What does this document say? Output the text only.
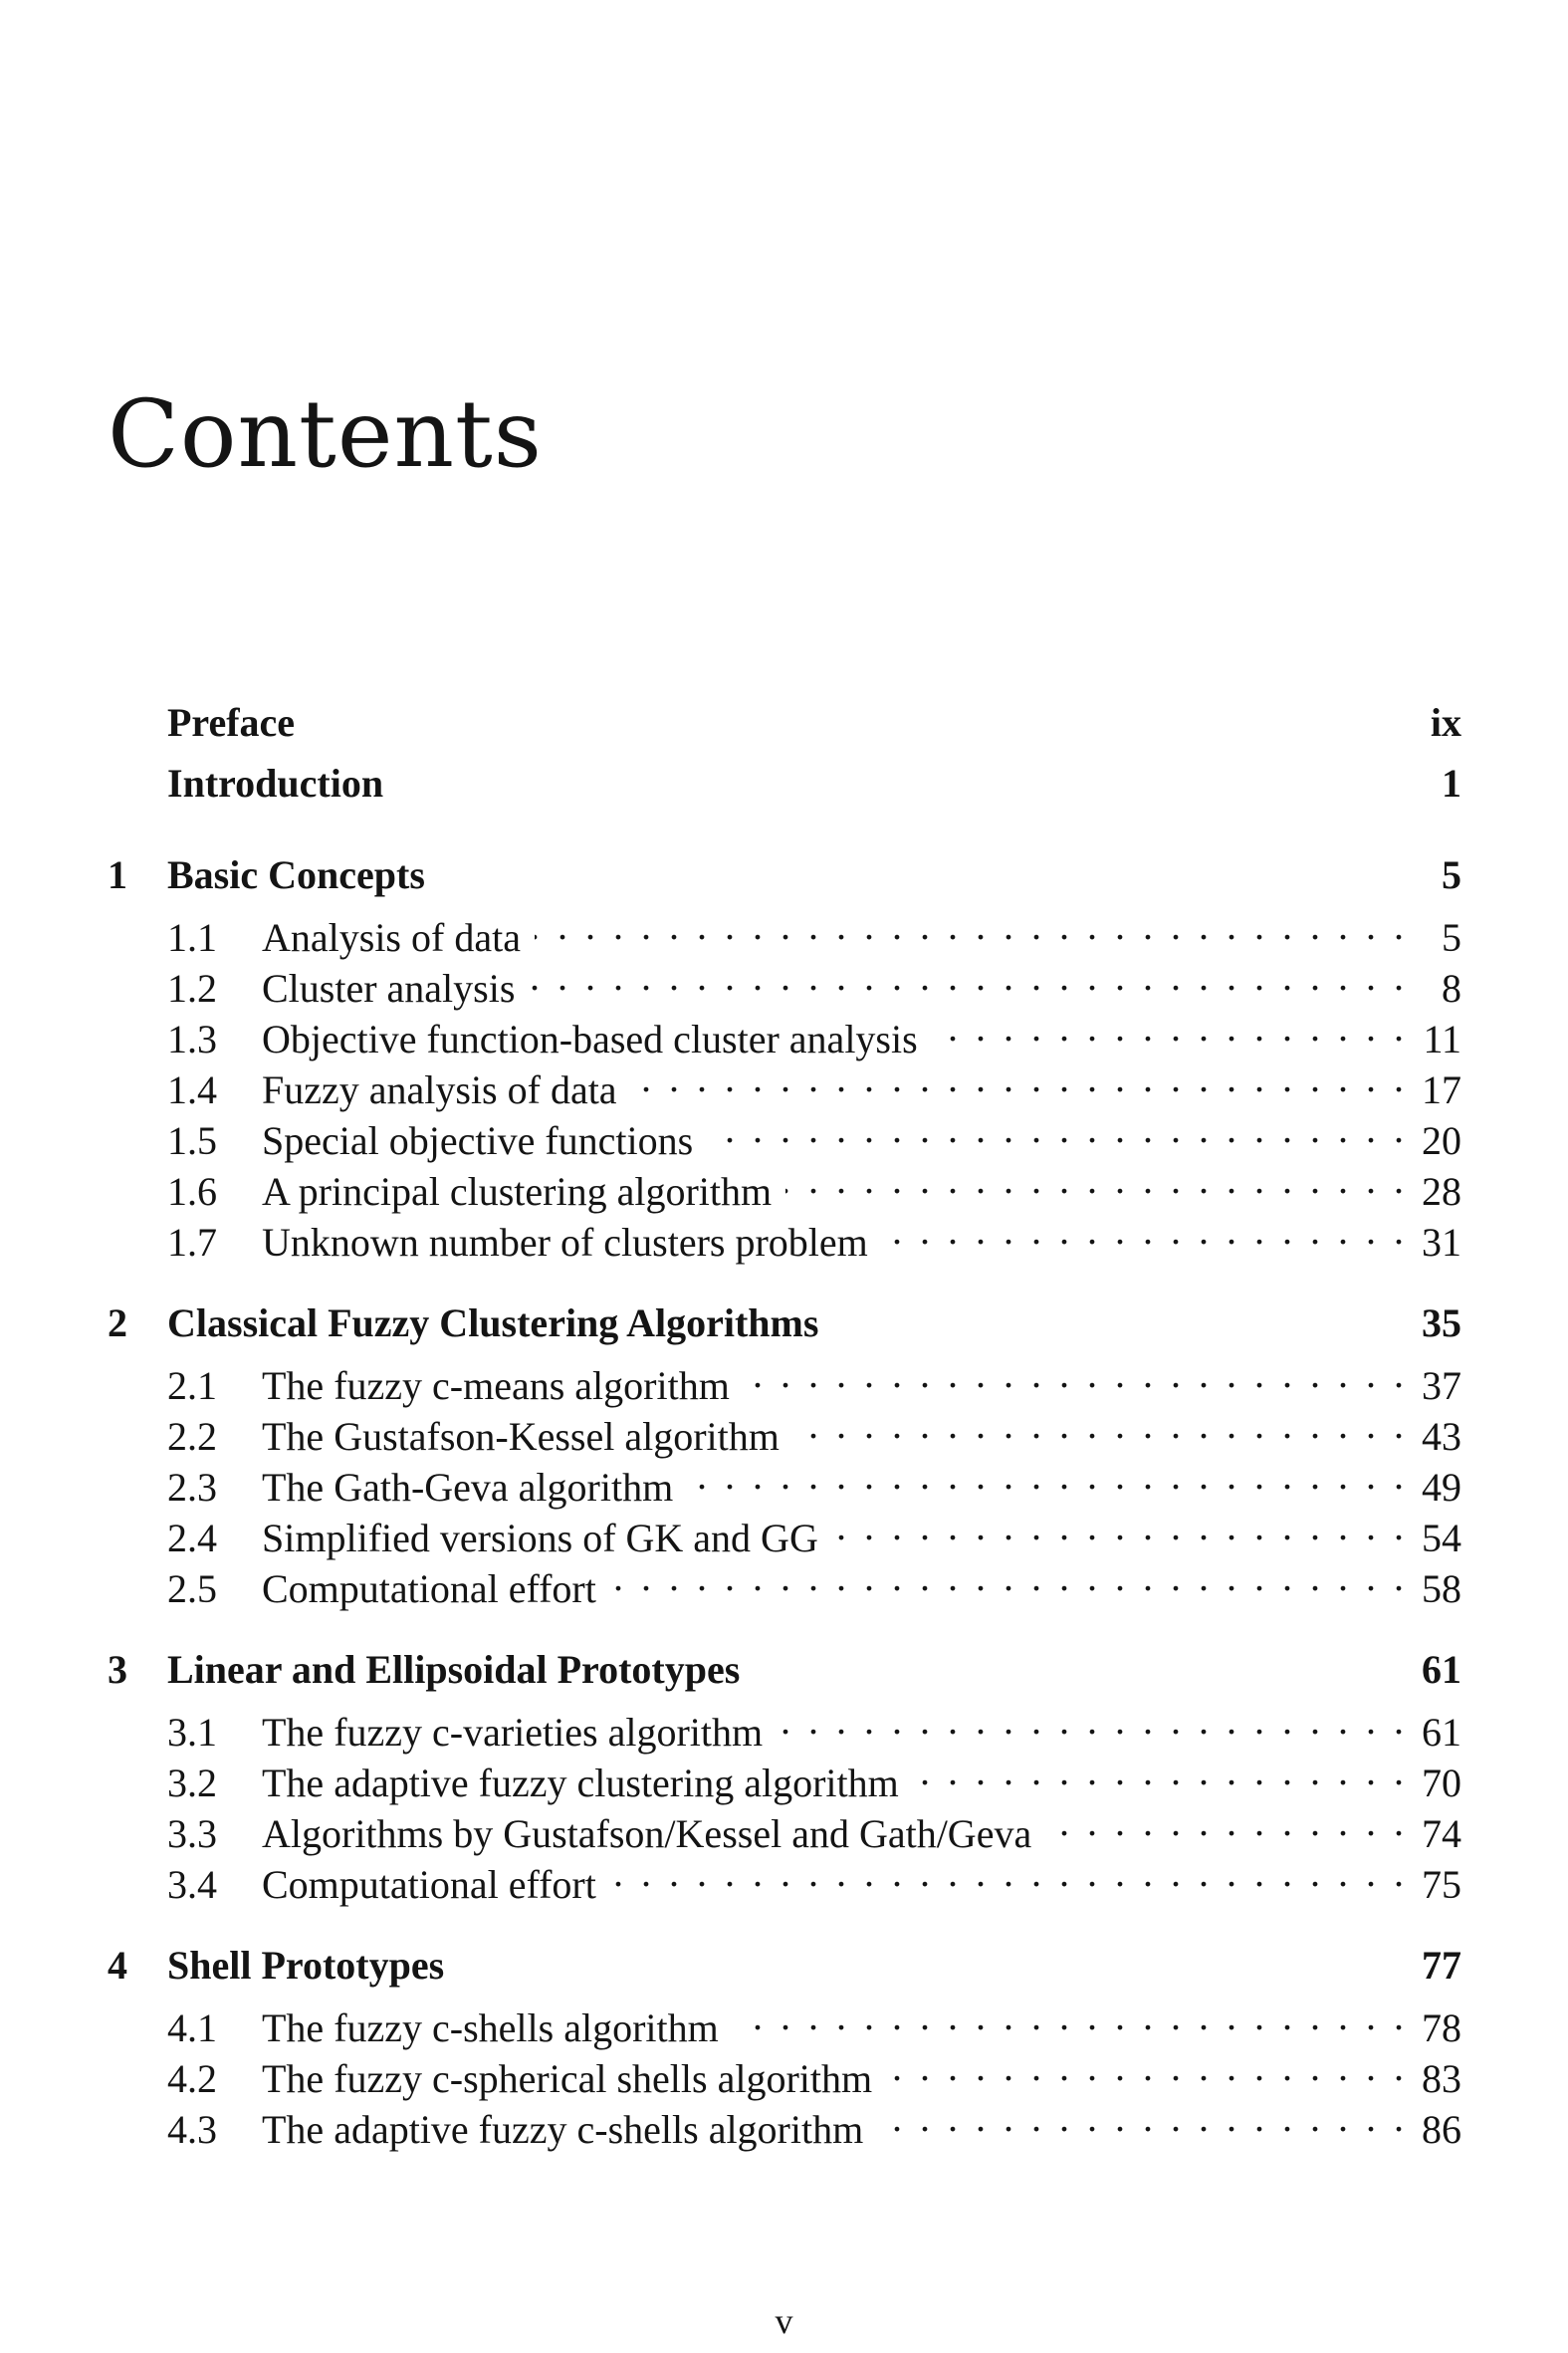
Contents
Preface	ix
Introduction	1
1	Basic Concepts	5
1.1	Analysis of data . . .	5
1.2	Cluster analysis . . .	8
1.3	Objective function-based cluster analysis . . .	11
1.4	Fuzzy analysis of data . . .	17
1.5	Special objective functions . . .	20
1.6	A principal clustering algorithm . . .	28
1.7	Unknown number of clusters problem . . .	31
2	Classical Fuzzy Clustering Algorithms	35
2.1	The fuzzy c-means algorithm . . .	37
2.2	The Gustafson-Kessel algorithm . . .	43
2.3	The Gath-Geva algorithm . . .	49
2.4	Simplified versions of GK and GG . . .	54
2.5	Computational effort . . .	58
3	Linear and Ellipsoidal Prototypes	61
3.1	The fuzzy c-varieties algorithm . . .	61
3.2	The adaptive fuzzy clustering algorithm . . .	70
3.3	Algorithms by Gustafson/Kessel and Gath/Geva . . .	74
3.4	Computational effort . . .	75
4	Shell Prototypes	77
4.1	The fuzzy c-shells algorithm . . .	78
4.2	The fuzzy c-spherical shells algorithm . . .	83
4.3	The adaptive fuzzy c-shells algorithm . . .	86
v
